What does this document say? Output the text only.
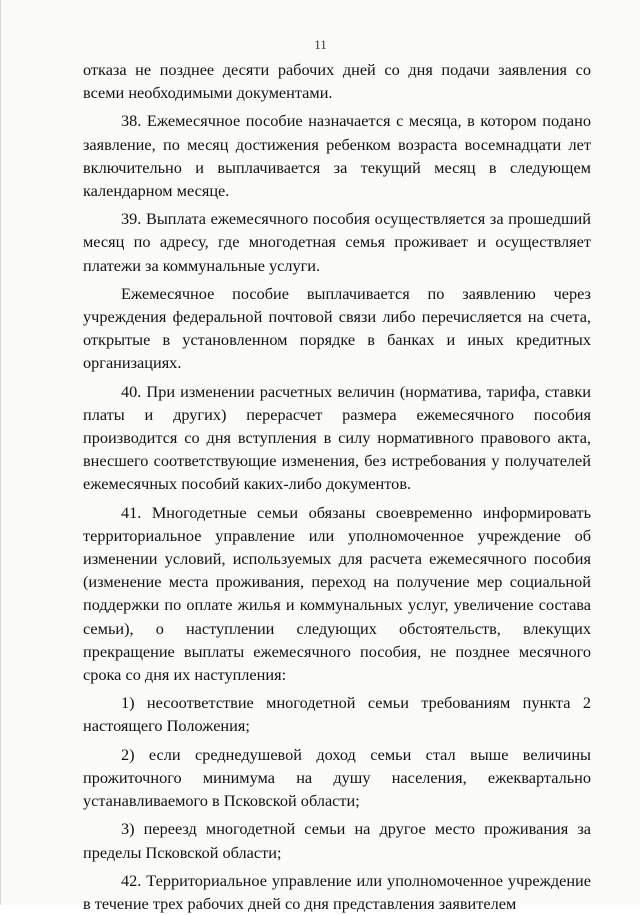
11
отказа не позднее десяти рабочих дней со дня подачи заявления со всеми необходимыми документами.
38. Ежемесячное пособие назначается с месяца, в котором подано заявление, по месяц достижения ребенком возраста восемнадцати лет включительно и выплачивается за текущий месяц в следующем календарном месяце.
39. Выплата ежемесячного пособия осуществляется за прошедший месяц по адресу, где многодетная семья проживает и осуществляет платежи за коммунальные услуги.
Ежемесячное пособие выплачивается по заявлению через учреждения федеральной почтовой связи либо перечисляется на счета, открытые в установленном порядке в банках и иных кредитных организациях.
40. При изменении расчетных величин (норматива, тарифа, ставки платы и других) перерасчет размера ежемесячного пособия производится со дня вступления в силу нормативного правового акта, внесшего соответствующие изменения, без истребования у получателей ежемесячных пособий каких-либо документов.
41. Многодетные семьи обязаны своевременно информировать территориальное управление или уполномоченное учреждение об изменении условий, используемых для расчета ежемесячного пособия (изменение места проживания, переход на получение мер социальной поддержки по оплате жилья и коммунальных услуг, увеличение состава семьи), о наступлении следующих обстоятельств, влекущих прекращение выплаты ежемесячного пособия, не позднее месячного срока со дня их наступления:
1) несоответствие многодетной семьи требованиям пункта 2 настоящего Положения;
2) если среднедушевой доход семьи стал выше величины прожиточного минимума на душу населения, ежеквартально устанавливаемого в Псковской области;
3) переезд многодетной семьи на другое место проживания за пределы Псковской области;
42. Территориальное управление или уполномоченное учреждение в течение трех рабочих дней со дня представления заявителем
